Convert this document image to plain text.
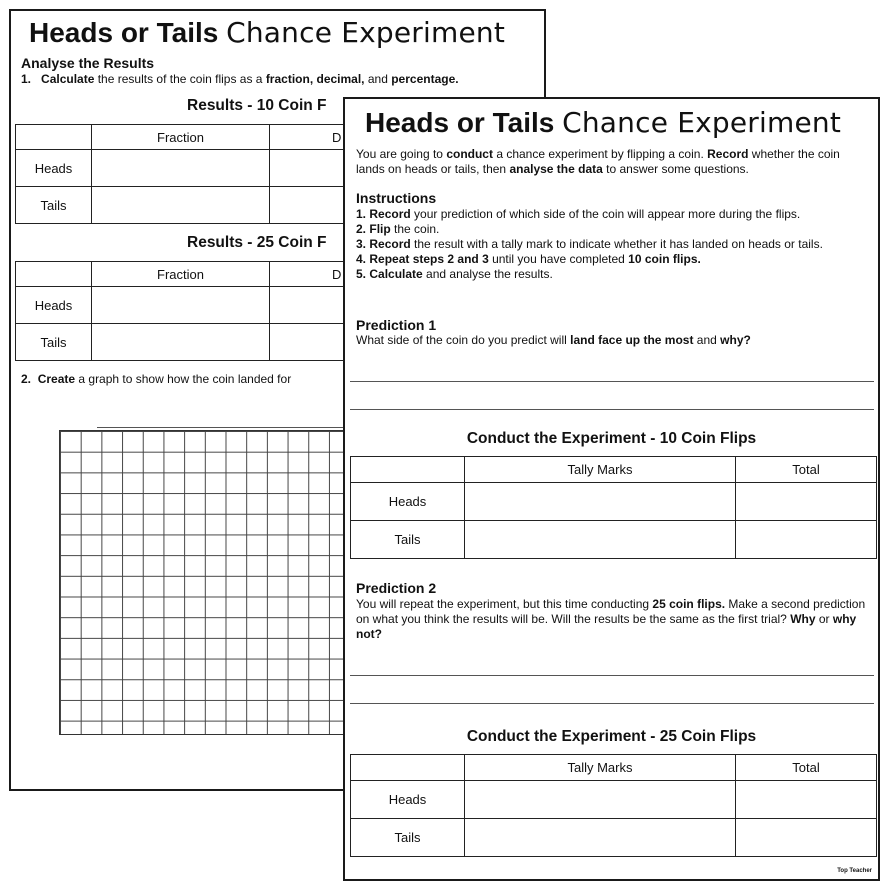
Heads or Tails Chance Experiment
Analyse the Results
1. Calculate the results of the coin flips as a fraction, decimal, and percentage.
Results - 10 Coin F
	Fraction	D
Heads		
Tails		
Results - 25 Coin F
	Fraction	D
Heads		
Tails		
2. Create a graph to show how the coin landed for
Heads or Tails Chance Experiment
You are going to conduct a chance experiment by flipping a coin. Record whether the coin lands on heads or tails, then analyse the data to answer some questions.
Instructions
1. Record your prediction of which side of the coin will appear more during the flips.
2. Flip the coin.
3. Record the result with a tally mark to indicate whether it has landed on heads or tails.
4. Repeat steps 2 and 3 until you have completed 10 coin flips.
5. Calculate and analyse the results.
Prediction 1
What side of the coin do you predict will land face up the most and why?
Conduct the Experiment - 10 Coin Flips
	Tally Marks	Total
Heads		
Tails		
Prediction 2
You will repeat the experiment, but this time conducting 25 coin flips. Make a second prediction on what you think the results will be. Will the results be the same as the first trial? Why or why not?
Conduct the Experiment - 25 Coin Flips
	Tally Marks	Total
Heads		
Tails		
Top Teacher
